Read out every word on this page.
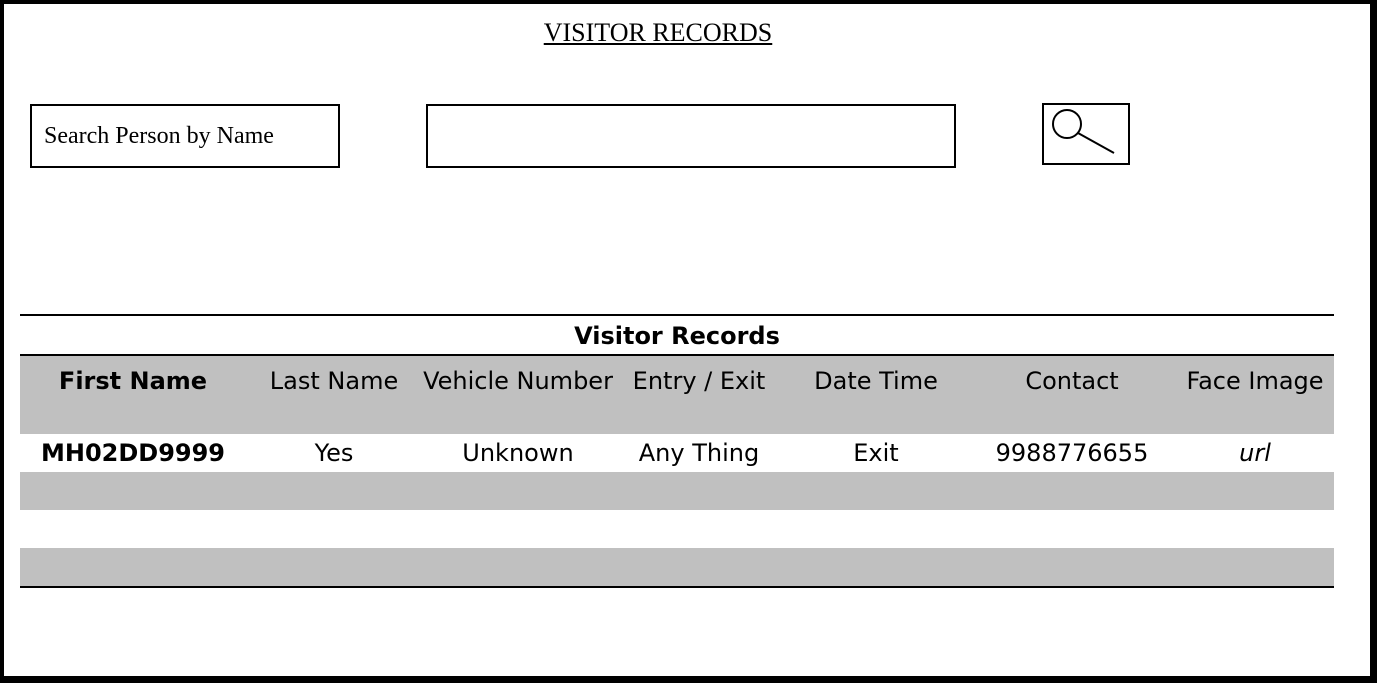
VISITOR RECORDS
Search Person by Name
Visitor Records
First Name	Last Name	Vehicle Number	Entry / Exit	Date Time	Contact	Face Image
MH02DD9999	Yes	Unknown	Any Thing	Exit	9988776655	url
